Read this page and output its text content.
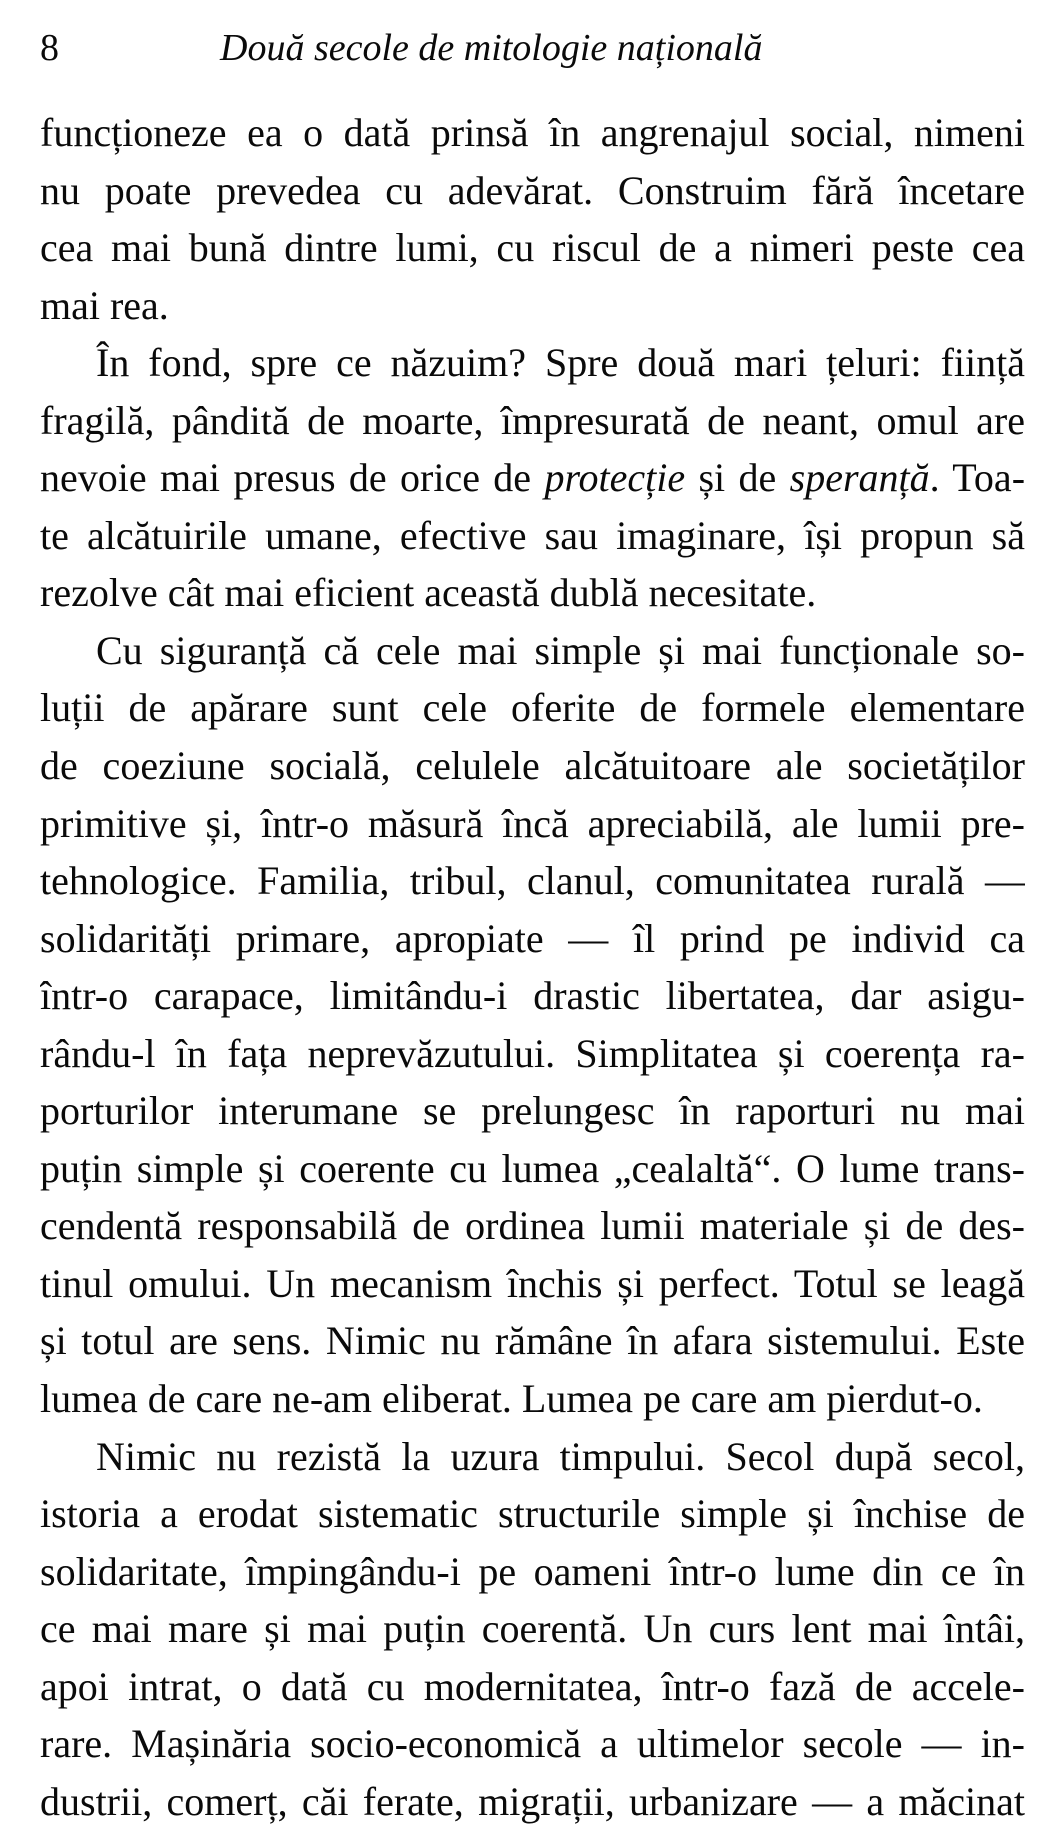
8	Două secole de mitologie națională
funcționeze ea o dată prinsă în angrenajul social, nimeni
nu poate prevedea cu adevărat. Construim fără încetare
cea mai bună dintre lumi, cu riscul de a nimeri peste cea
mai rea.
În fond, spre ce năzuim? Spre două mari țeluri: ființă
fragilă, pândită de moarte, împresurată de neant, omul are
nevoie mai presus de orice de protecție și de speranță. Toa-
te alcătuirile umane, efective sau imaginare, își propun să
rezolve cât mai eficient această dublă necesitate.
Cu siguranță că cele mai simple și mai funcționale so-
luții de apărare sunt cele oferite de formele elementare
de coeziune socială, celulele alcătuitoare ale societăților
primitive și, într-o măsură încă apreciabilă, ale lumii pre-
tehnologice. Familia, tribul, clanul, comunitatea rurală —
solidarități primare, apropiate — îl prind pe individ ca
într-o carapace, limitându-i drastic libertatea, dar asigu-
rându-l în fața neprevăzutului. Simplitatea și coerența ra-
porturilor interumane se prelungesc în raporturi nu mai
puțin simple și coerente cu lumea „cealaltă“. O lume trans-
cendentă responsabilă de ordinea lumii materiale și de des-
tinul omului. Un mecanism închis și perfect. Totul se leagă
și totul are sens. Nimic nu rămâne în afara sistemului. Este
lumea de care ne-am eliberat. Lumea pe care am pierdut-o.
Nimic nu rezistă la uzura timpului. Secol după secol,
istoria a erodat sistematic structurile simple și închise de
solidaritate, împingându-i pe oameni într-o lume din ce în
ce mai mare și mai puțin coerentă. Un curs lent mai întâi,
apoi intrat, o dată cu modernitatea, într-o fază de accele-
rare. Mașinăria socio-economică a ultimelor secole — in-
dustrii, comerț, căi ferate, migrații, urbanizare — a măcinat
